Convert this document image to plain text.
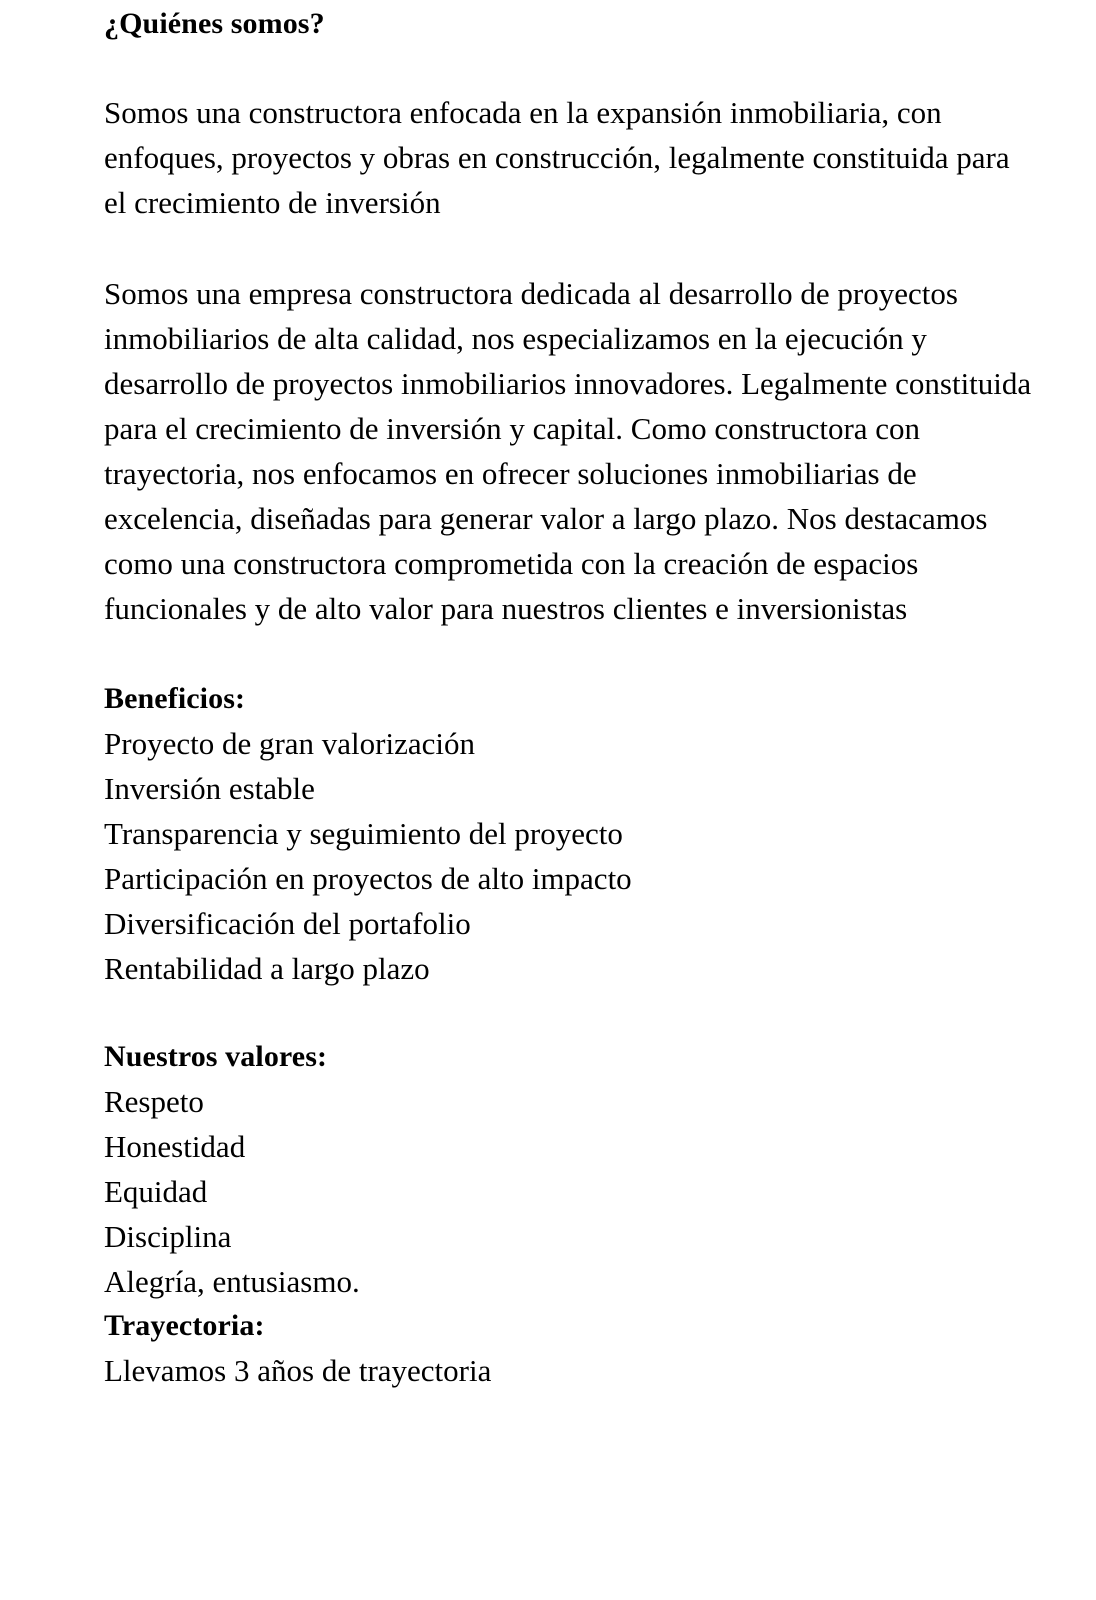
¿Quiénes somos?

Somos una constructora enfocada en la expansión inmobiliaria, con enfoques, proyectos y obras en construcción, legalmente constituida para el crecimiento de inversión

Somos una empresa constructora dedicada al desarrollo de proyectos inmobiliarios de alta calidad, nos especializamos en la ejecución y desarrollo de proyectos inmobiliarios innovadores. Legalmente constituida para el crecimiento de inversión y capital. Como constructora con trayectoria, nos enfocamos en ofrecer soluciones inmobiliarias de excelencia, diseñadas para generar valor a largo plazo. Nos destacamos como una constructora comprometida con la creación de espacios funcionales y de alto valor para nuestros clientes e inversionistas

Beneficios:
Proyecto de gran valorización
Inversión estable
Transparencia y seguimiento del proyecto
Participación en proyectos de alto impacto
Diversificación del portafolio
Rentabilidad a largo plazo
Nuestros valores:
Respeto
Honestidad
Equidad
Disciplina
Alegría, entusiasmo.
Trayectoria:

Llevamos 3 años de trayectoria
